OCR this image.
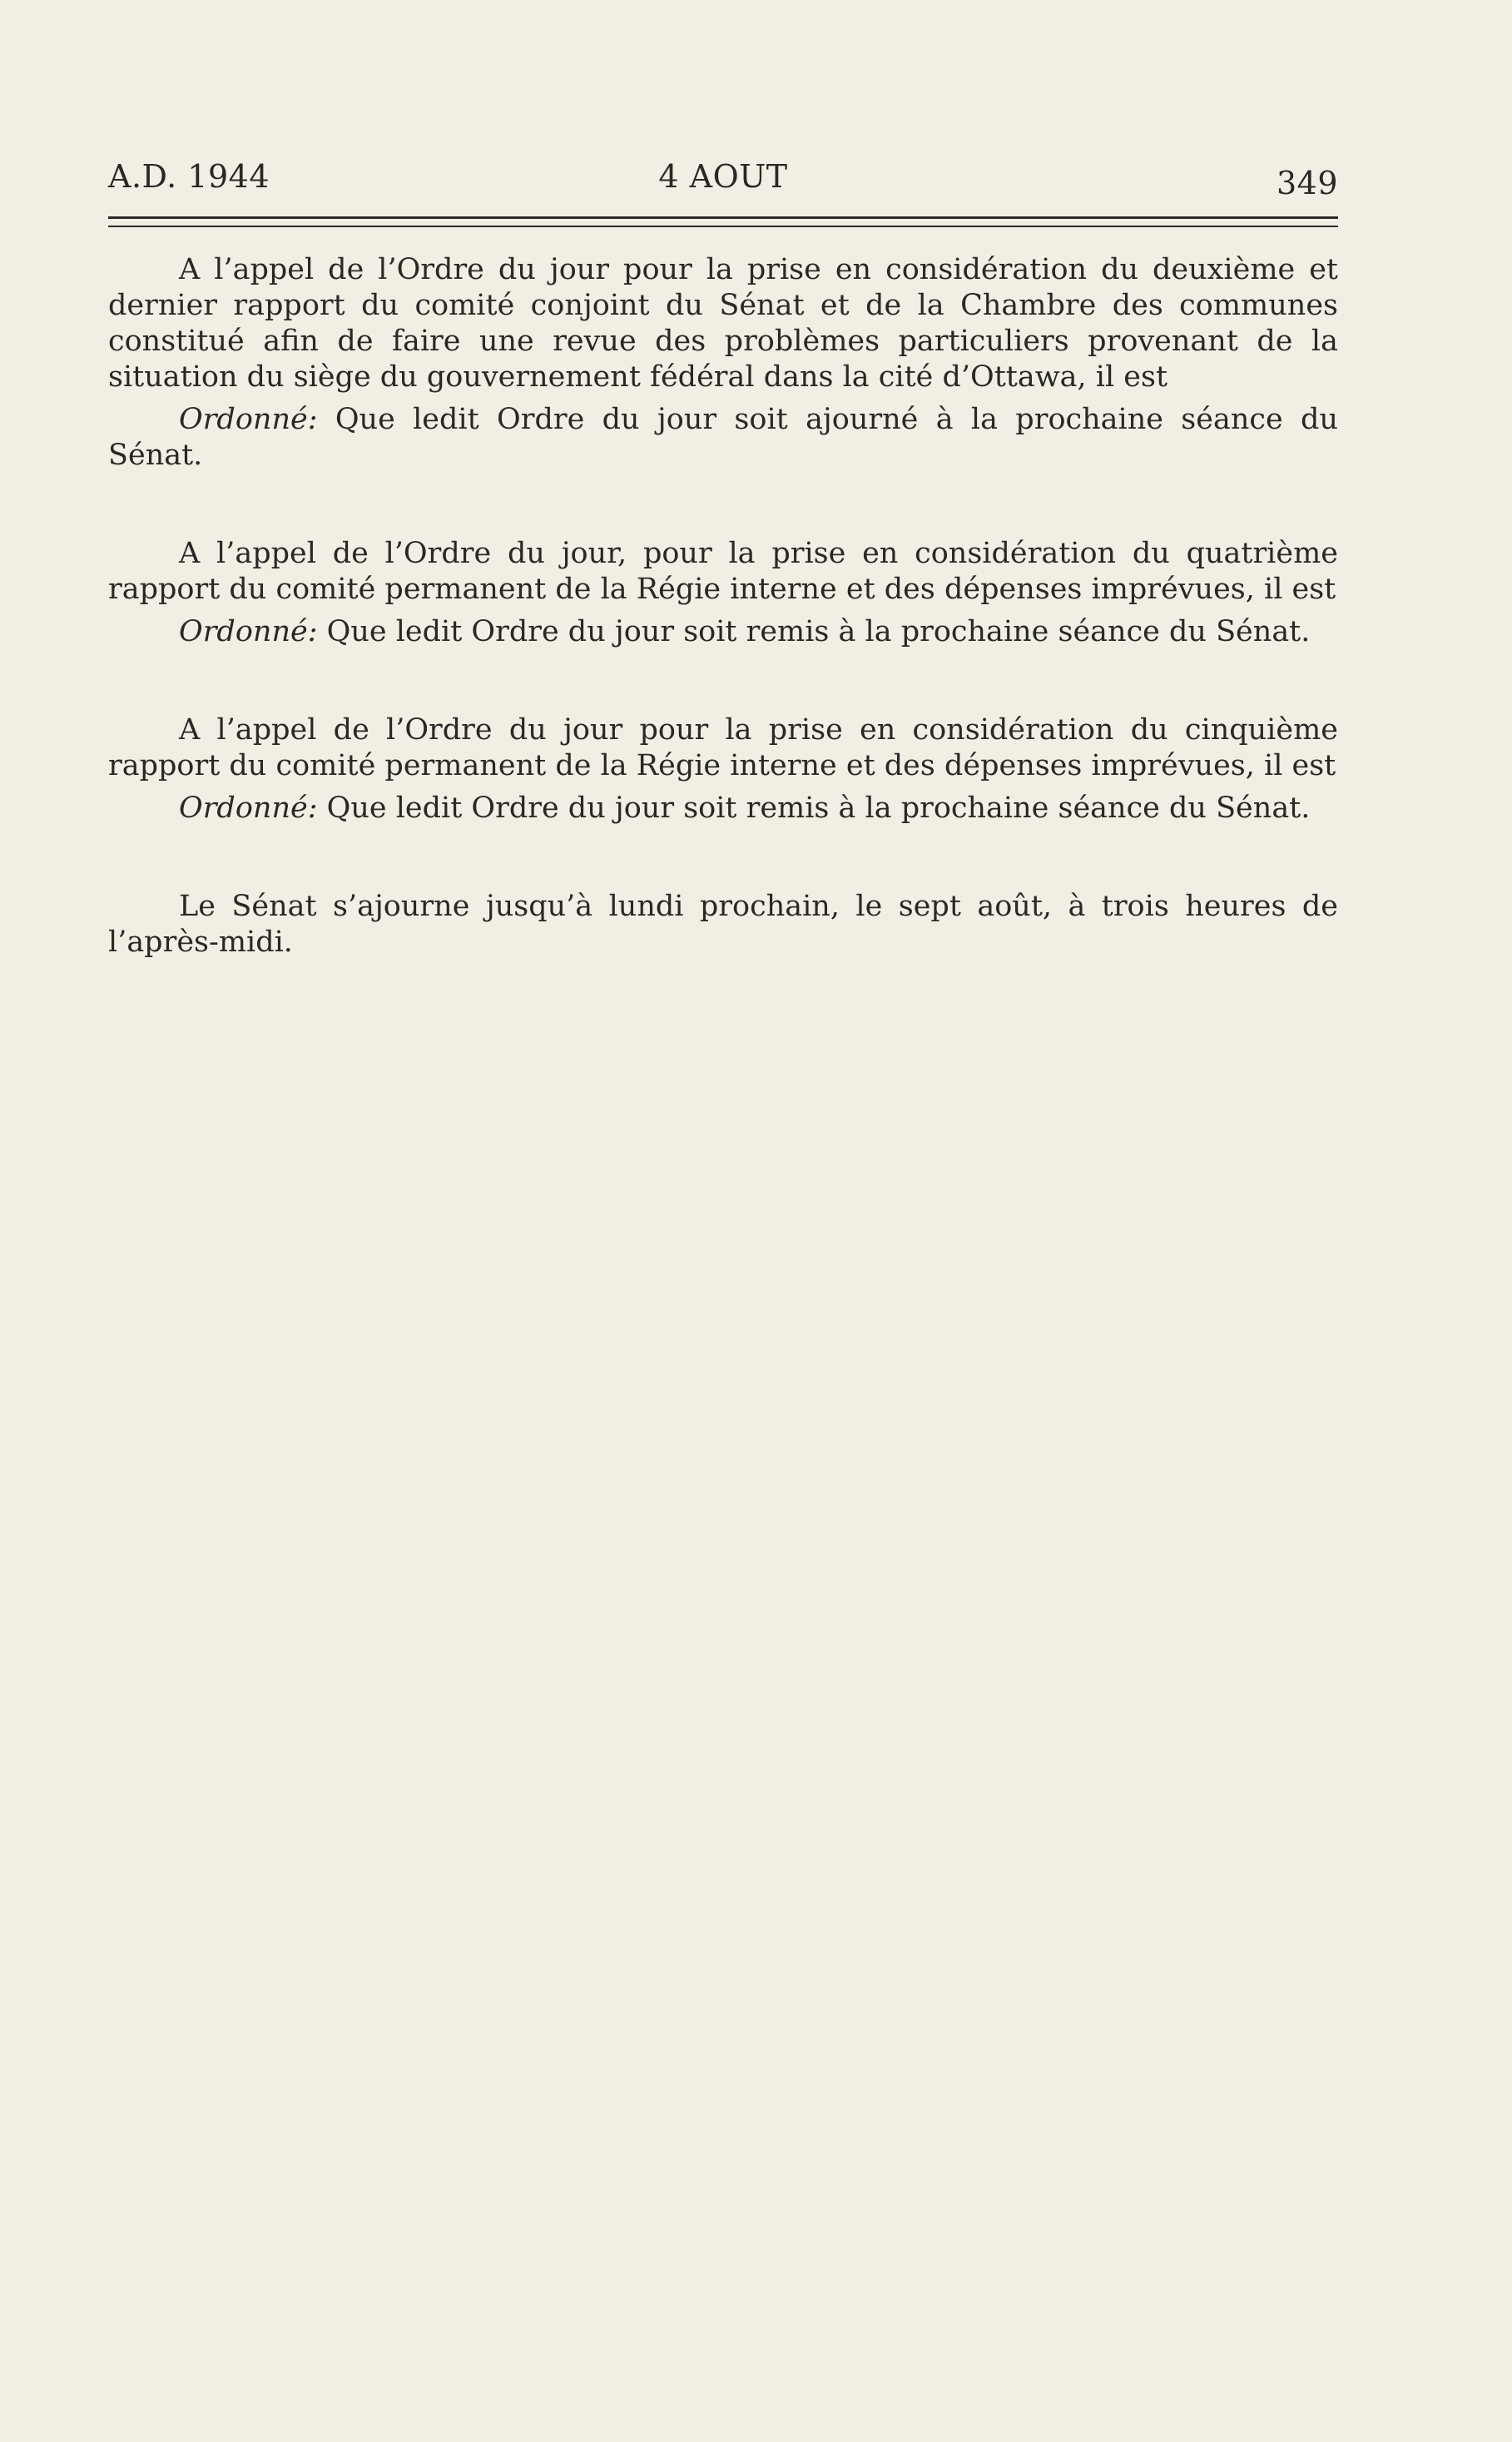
A.D. 1944	4 AOUT	349

A l’appel de l’Ordre du jour pour la prise en considération du deuxième et dernier rapport du comité conjoint du Sénat et de la Chambre des communes constitué afin de faire une revue des problèmes particuliers provenant de la situation du siège du gouvernement fédéral dans la cité d’Ottawa, il est

Ordonné: Que ledit Ordre du jour soit ajourné à la prochaine séance du Sénat.

A l’appel de l’Ordre du jour, pour la prise en considération du quatrième rapport du comité permanent de la Régie interne et des dépenses imprévues, il est

Ordonné: Que ledit Ordre du jour soit remis à la prochaine séance du Sénat.

A l’appel de l’Ordre du jour pour la prise en considération du cinquième rapport du comité permanent de la Régie interne et des dépenses imprévues, il est

Ordonné: Que ledit Ordre du jour soit remis à la prochaine séance du Sénat.

Le Sénat s’ajourne jusqu’à lundi prochain, le sept août, à trois heures de l’après-midi.
